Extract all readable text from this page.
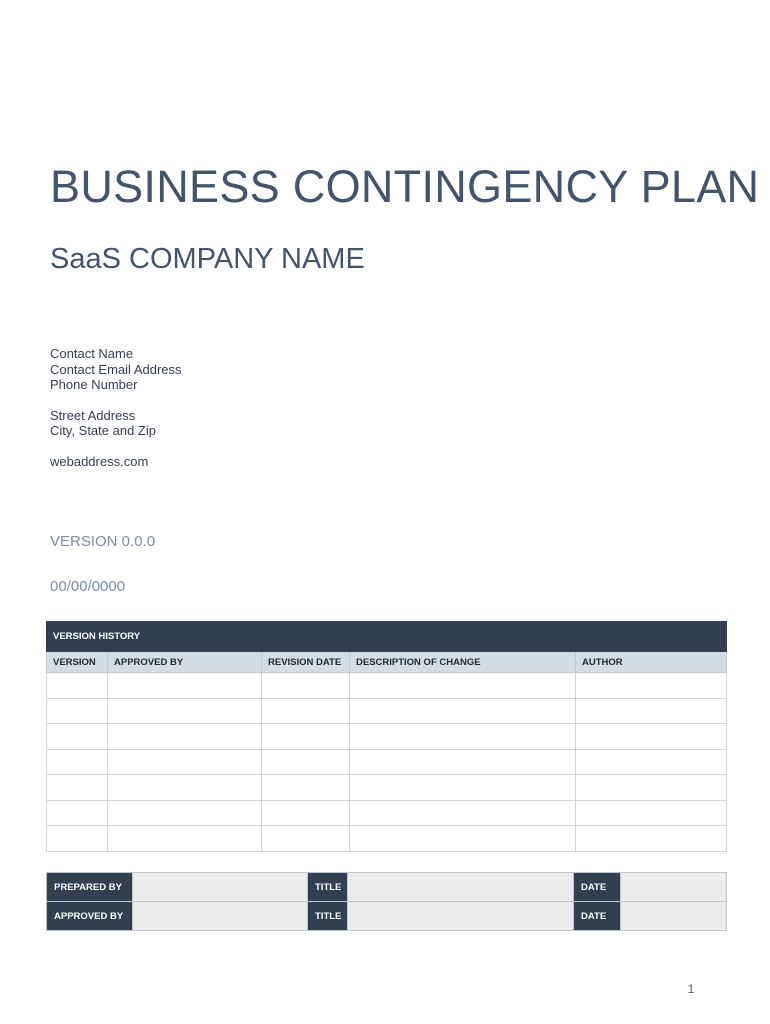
BUSINESS CONTINGENCY PLAN
SaaS COMPANY NAME
Contact Name
Contact Email Address
Phone Number
Street Address
City, State and Zip
webaddress.com
VERSION 0.0.0
00/00/0000
VERSION HISTORY				
VERSION	APPROVED BY	REVISION DATE	DESCRIPTION OF CHANGE	AUTHOR

PREPARED BY		TITLE		DATE	
APPROVED BY		TITLE		DATE	
1
